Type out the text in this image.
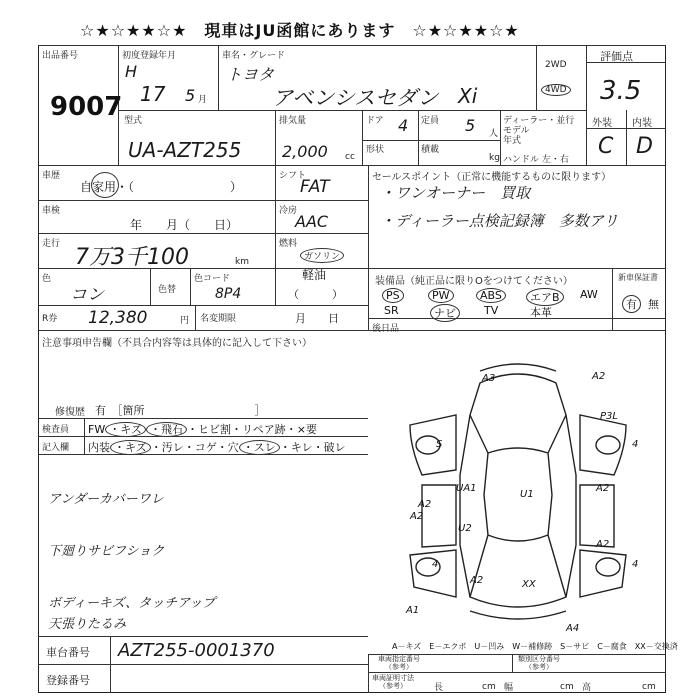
☆★☆★★☆★　現車はJU函館にあります　☆★☆★★☆★
出品番号
9007
初度登録年月
H
17 5 月
車名・グレード
トヨタ
アベンシスセダン Xi
2WD
4WD
評価点
3.5
外装 内装
C D
型式
UA-AZT255
排気量
2,000 cc
ドア 4 定員 5 人
形状	積載
kg
ディーラー・並行
モデル
年式
ハンドル 左・右
車歴
自家用・（　　　　　　　　）
シフト
FAT	セールスポイント（正常に機能するものに限ります）
・ワンオーナー　買取
・ディーラー点検記録簿　多数アリ
車検
年　　月（　　日）
冷房
AAC
走行
7万3千100	km
燃料
ガソリン
軽油
（　　　）
色
コン	色替
色コード
8P4
装備品（純正品に限りOをつけてください）	新車保証書
PS	PW	ABS	エアB	AW
SR	ナビ	TV	本革
有	無
R券 12,380	円 名変期限	月　　日
後日品
注意事項申告欄（不具合内容等は具体的に記入して下さい）
有　［箇所　　　　　　　　　　］
修復歴
検査員
記入欄
FW ・キズ ・飛石 ・ヒビ割・リペア跡・×要
内装 ・キズ ・汚レ・コゲ・穴 ・スレ ・キレ・破レ
アンダーカバーワレ
下廻りサビフショク
ボディーキズ、タッチアップ
天張りたるみ
A3	A2
P3L
S	4
A2
UA1
U1
A2
U2
A2
4	4
A2	XX
A1
A4
A2
A－キズ　E－エクボ　U－凹み　W－補修跡　S－サビ　C－腐食　XX－交換済
車台番号 AZT255-0001370
登録番号
車両指定番号
（参考）
類別区分番号
（参考）
車両証明寸法
（参考）	長	cm 幅	cm 高	cm
